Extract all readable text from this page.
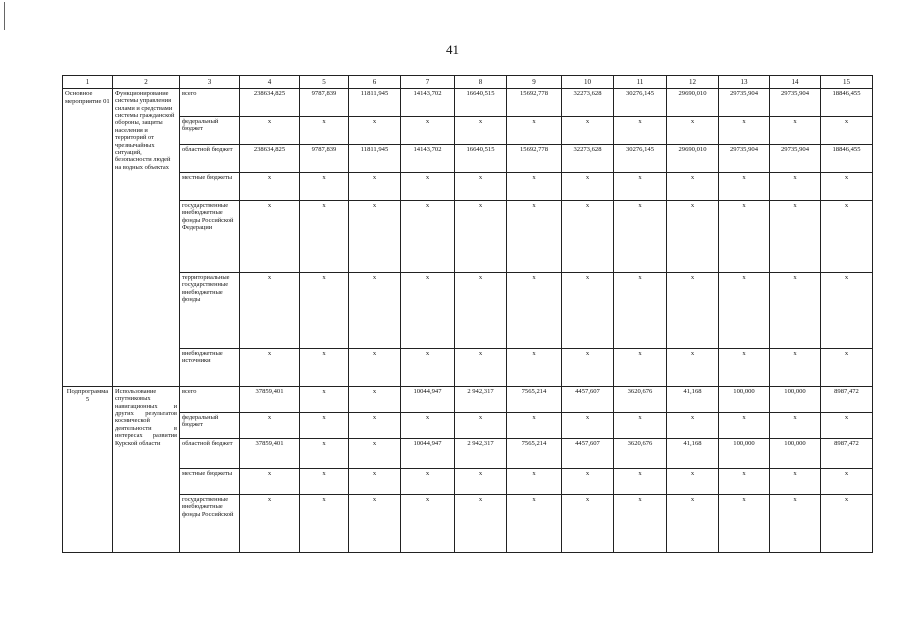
41
1	2	3	4	5	6	7	8	9	10	11	12	13	14	15
Основное мероприятие 01	Функционирование системы управления силами и средствами системы гражданской обороны, защиты населения и территорий от чрезвычайных ситуаций, безопасности людей на водных объектах	всего	238634,825	9787,839	11811,945	14143,702	16640,515	15692,778	32273,628	30276,145	29690,010	29735,904	29735,904	18846,455
		федеральный бюджет	х	х	х	х	х	х	х	х	х	х	х	х
		областной бюджет	238634,825	9787,839	11811,945	14143,702	16640,515	15692,778	32273,628	30276,145	29690,010	29735,904	29735,904	18846,455
		местные бюджеты	х	х	х	х	х	х	х	х	х	х	х	х
		государственные внебюджетные фонды Российской Федерации	х	х	х	х	х	х	х	х	х	х	х	х
		территориальные государственные внебюджетные фонды	х	х	х	х	х	х	х	х	х	х	х	х
		внебюджетные источники	х	х	х	х	х	х	х	х	х	х	х	х
Подпрограмма 5	Использование спутниковых навигационных и других результатов космической деятельности в интересах развития Курской области	всего	37859,401	х	х	10044,947	2 942,317	7565,214	4457,607	3620,676	41,168	100,000	100,000	8987,472
		федеральный бюджет	х	х	х	х	х	х	х	х	х	х	х	х
		областной бюджет	37859,401	х	х	10044,947	2 942,317	7565,214	4457,607	3620,676	41,168	100,000	100,000	8987,472
		местные бюджеты	х	х	х	х	х	х	х	х	х	х	х	х
		государственные внебюджетные фонды Российской	х	х	х	х	х	х	х	х	х	х	х	х
